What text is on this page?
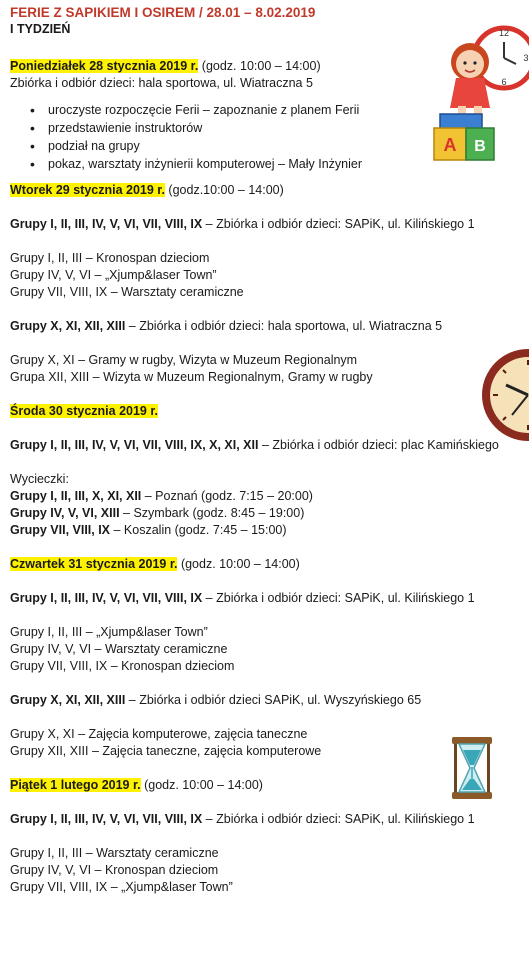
FERIE Z SAPIKIEM I OSIREM / 28.01 – 8.02.2019
I TYDZIEŃ
Poniedziałek 28 stycznia 2019 r. (godz. 10:00 – 14:00)
Zbiórka i odbiór dzieci: hala sportowa, ul. Wiatraczna 5
• uroczyste rozpoczęcie Ferii – zapoznanie z planem Ferii
• przedstawienie instruktorów
• podział na grupy
• pokaz, warsztaty inżynierii komputerowej – Mały Inżynier
Wtorek 29 stycznia 2019 r. (godz.10:00 – 14:00)
Grupy I, II, III, IV, V, VI, VII, VIII, IX – Zbiórka i odbiór dzieci: SAPiK, ul. Kilińskiego 1
Grupy I, II, III – Kronospan dzieciom
Grupy IV, V, VI – „Xjump&laser Town”
Grupy VII, VIII, IX – Warsztaty ceramiczne
Grupy X, XI, XII, XIII – Zbiórka i odbiór dzieci: hala sportowa, ul. Wiatraczna 5
Grupy X, XI – Gramy w rugby, Wizyta w Muzeum Regionalnym
Grupa XII, XIII – Wizyta w Muzeum Regionalnym, Gramy w rugby
Środa 30 stycznia 2019 r.
Grupy I, II, III, IV, V, VI, VII, VIII, IX, X, XI, XII – Zbiórka i odbiór dzieci: plac Kamińskiego
Wycieczki:
Grupy I, II, III, X, XI, XII – Poznań (godz. 7:15 – 20:00)
Grupy IV, V, VI, XIII – Szymbark (godz. 8:45 – 19:00)
Grupy VII, VIII, IX – Koszalin (godz. 7:45 – 15:00)
Czwartek 31 stycznia 2019 r. (godz. 10:00 – 14:00)
Grupy I, II, III, IV, V, VI, VII, VIII, IX – Zbiórka i odbiór dzieci: SAPiK, ul. Kilińskiego 1
Grupy I, II, III – „Xjump&laser Town”
Grupy IV, V, VI – Warsztaty ceramiczne
Grupy VII, VIII, IX – Kronospan dzieciom
Grupy X, XI, XII, XIII – Zbiórka i odbiór dzieci SAPiK, ul. Wyszyńskiego 65
Grupy X, XI – Zajęcia komputerowe, zajęcia taneczne
Grupy XII, XIII – Zajęcia taneczne, zajęcia komputerowe
Piątek 1 lutego 2019 r. (godz. 10:00 – 14:00)
Grupy I, II, III, IV, V, VI, VII, VIII, IX – Zbiórka i odbiór dzieci: SAPiK, ul. Kilińskiego 1
Grupy I, II, III – Warsztaty ceramiczne
Grupy IV, V, VI – Kronospan dzieciom
Grupy VII, VIII, IX – „Xjump&laser Town”
12
3
6
A B
